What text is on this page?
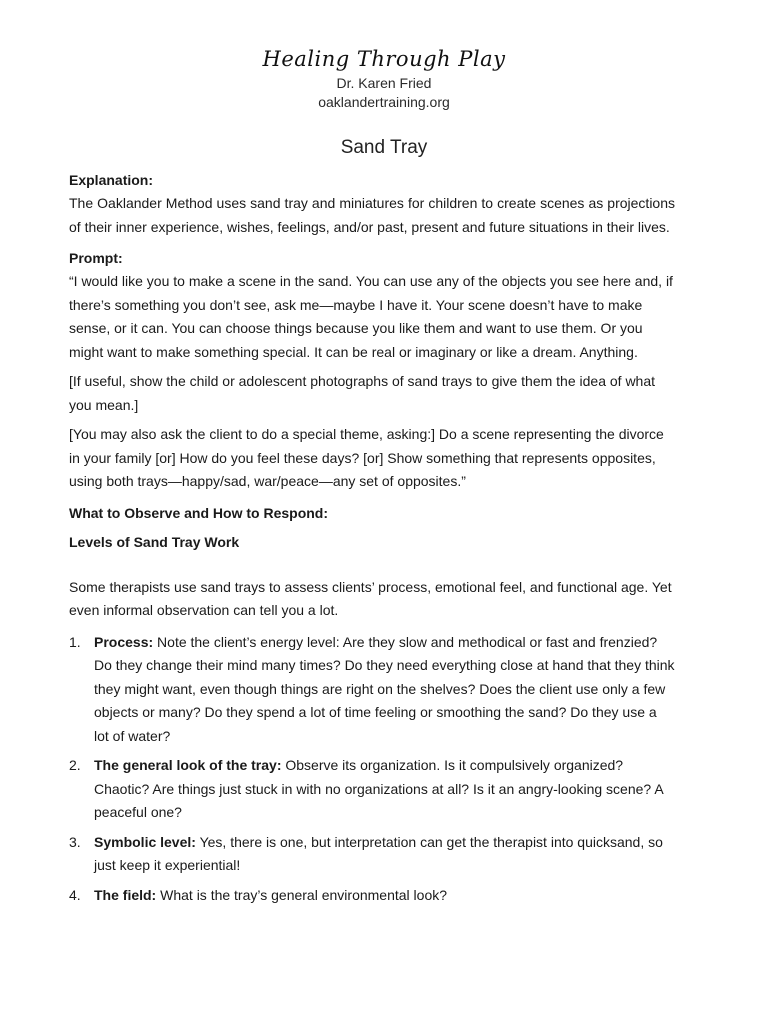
Healing Through Play
Dr. Karen Fried
oaklandertraining.org
Sand Tray

Explanation:

The Oaklander Method uses sand tray and miniatures for children to create scenes as projections of their inner experience, wishes, feelings, and/or past, present and future situations in their lives.

Prompt:

“I would like you to make a scene in the sand. You can use any of the objects you see here and, if there’s something you don’t see, ask me—maybe I have it. Your scene doesn’t have to make sense, or it can. You can choose things because you like them and want to use them. Or you might want to make something special. It can be real or imaginary or like a dream. Anything.

[If useful, show the child or adolescent photographs of sand trays to give them the idea of what you mean.]

[You may also ask the client to do a special theme, asking:] Do a scene representing the divorce in your family [or] How do you feel these days? [or] Show something that represents opposites, using both trays—happy/sad, war/peace—any set of opposites.”

What to Observe and How to Respond:

Levels of Sand Tray Work

Some therapists use sand trays to assess clients’ process, emotional feel, and functional age. Yet even informal observation can tell you a lot.

1. Process: Note the client’s energy level: Are they slow and methodical or fast and frenzied? Do they change their mind many times? Do they need everything close at hand that they think they might want, even though things are right on the shelves? Does the client use only a few objects or many? Do they spend a lot of time feeling or smoothing the sand? Do they use a lot of water?
2. The general look of the tray: Observe its organization. Is it compulsively organized? Chaotic? Are things just stuck in with no organizations at all? Is it an angry-looking scene? A peaceful one?
3. Symbolic level: Yes, there is one, but interpretation can get the therapist into quicksand, so just keep it experiential!
4. The field: What is the tray’s general environmental look?
